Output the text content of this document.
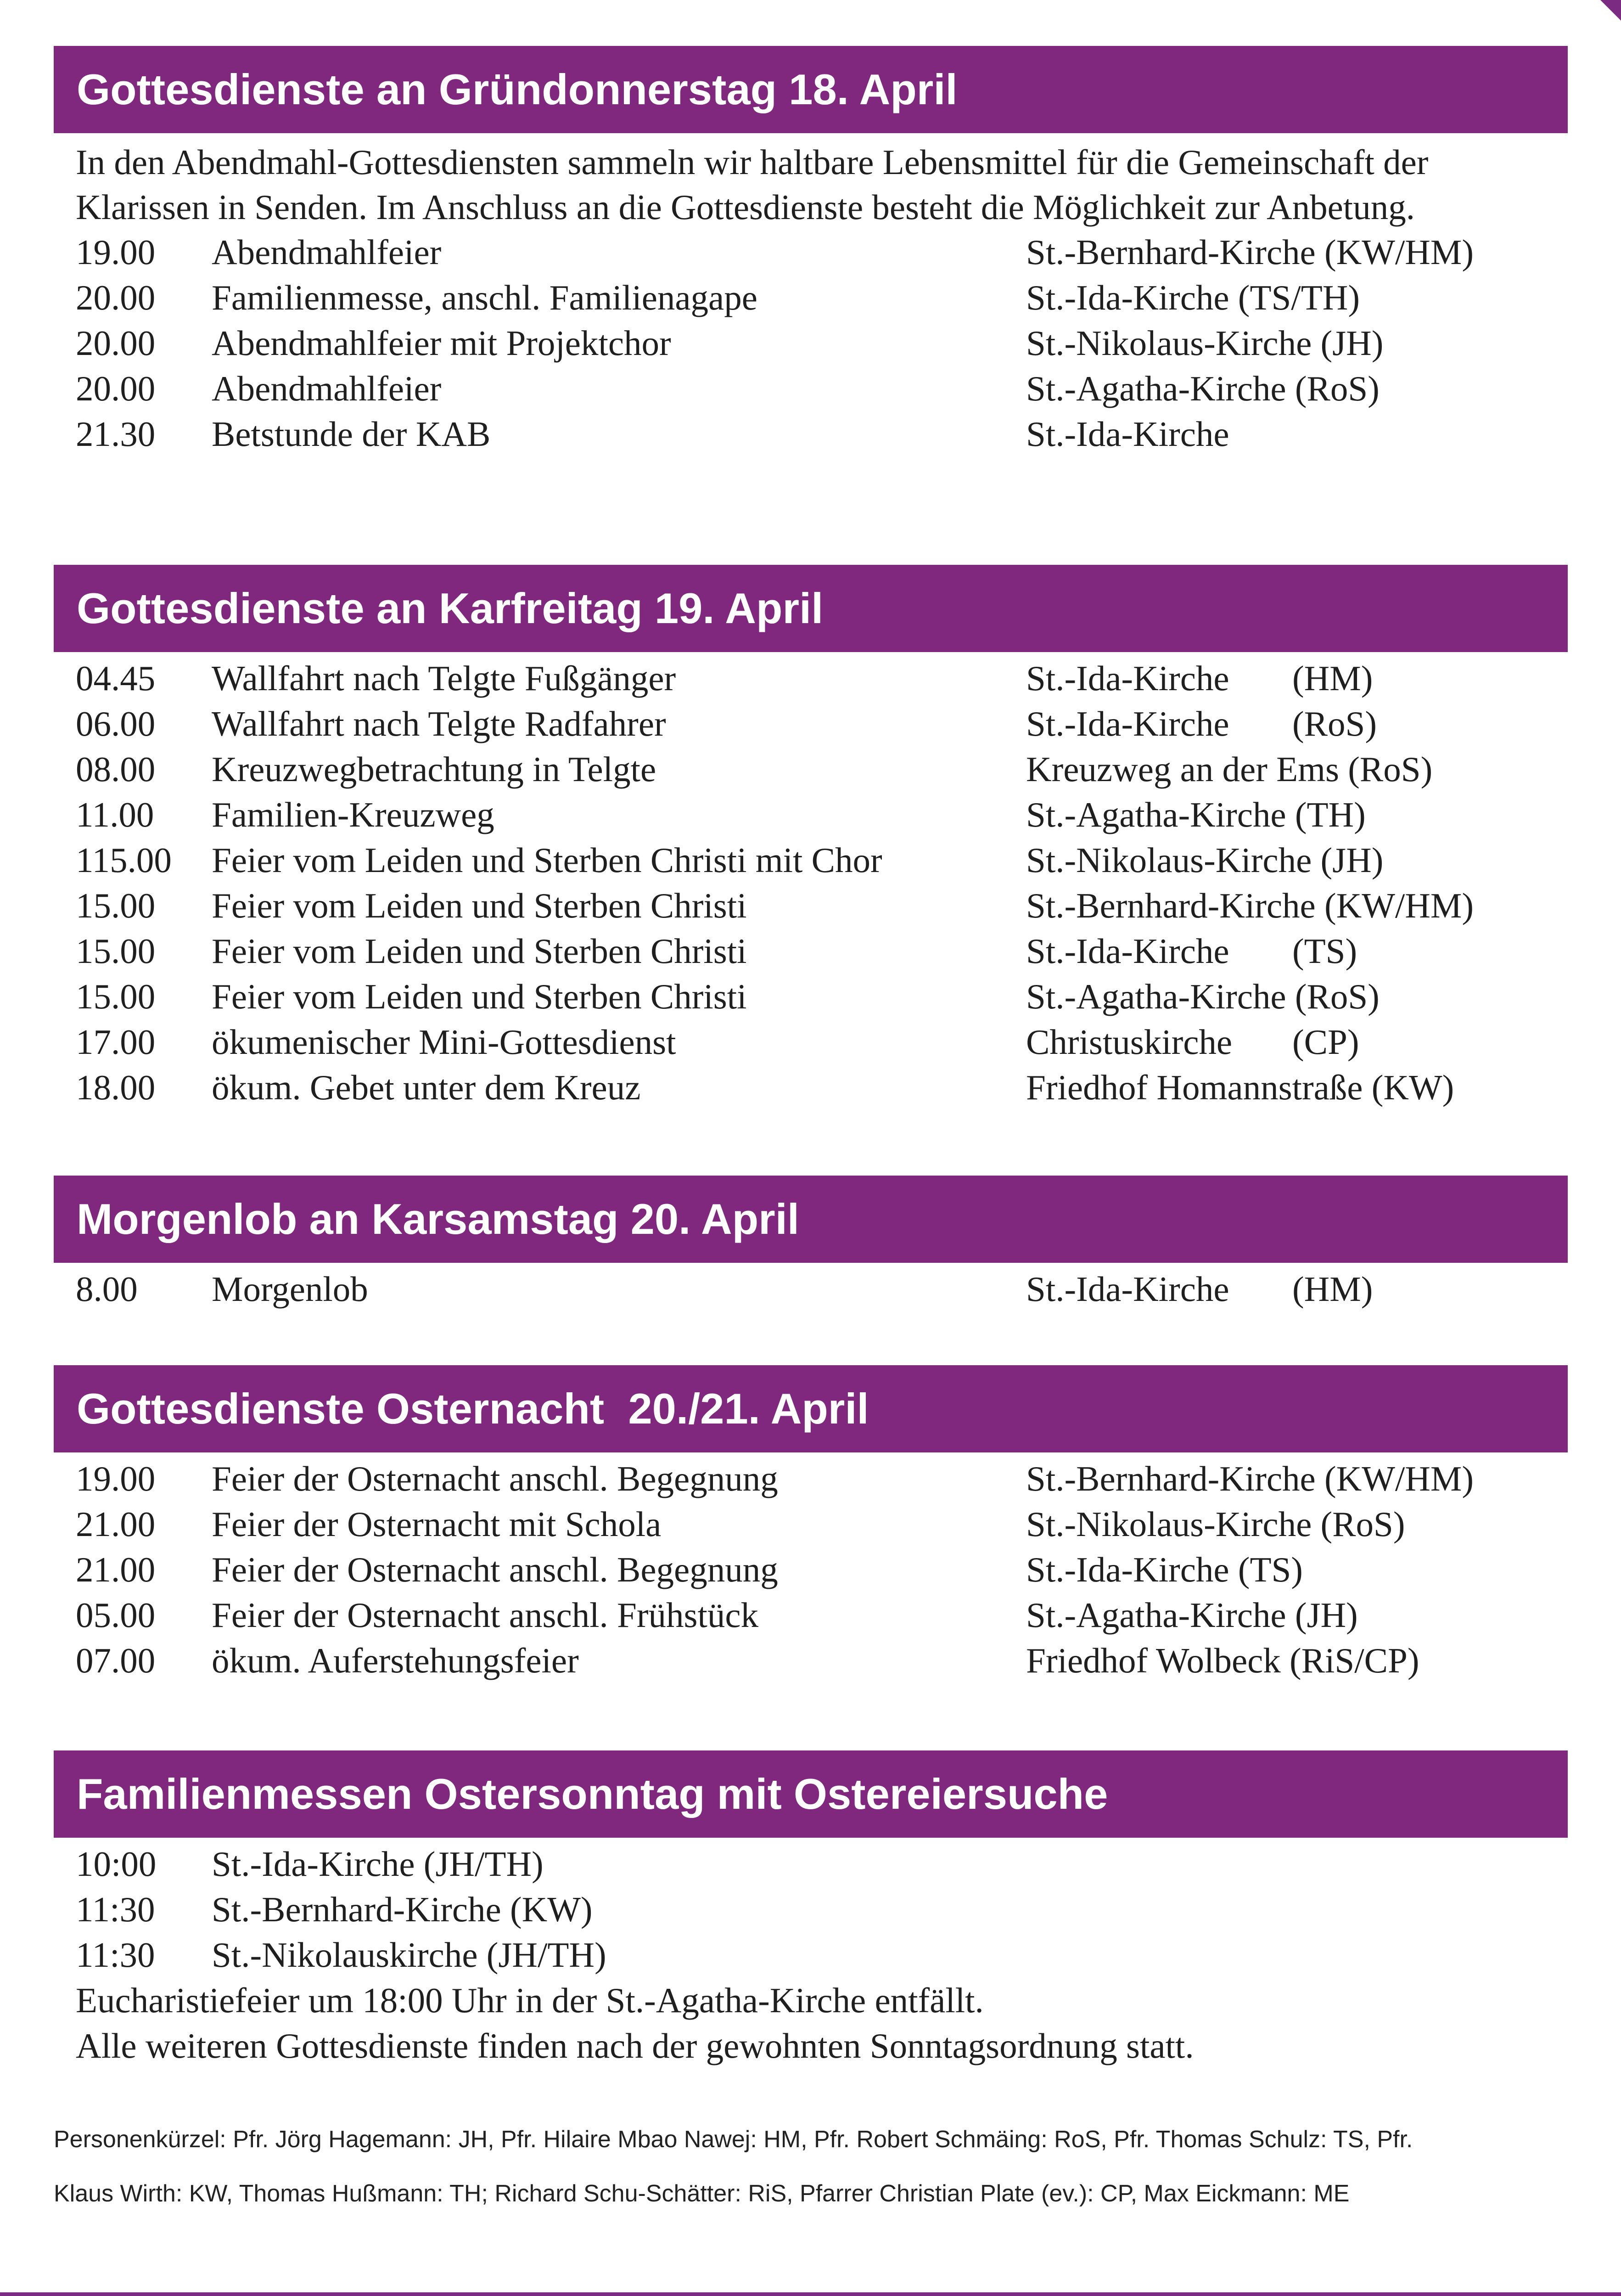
Gottesdienste an Gründonnerstag 18. April
In den Abendmahl-Gottesdiensten sammeln wir haltbare Lebensmittel für die Gemeinschaft der Klarissen in Senden. Im Anschluss an die Gottesdienste besteht die Möglichkeit zur Anbetung.
19.00 Abendmahlfeier	St.-Bernhard-Kirche (KW/HM)
20.00 Familienmesse, anschl. Familienagape	St.-Ida-Kirche (TS/TH)
20.00 Abendmahlfeier mit Projektchor	St.-Nikolaus-Kirche (JH)
20.00 Abendmahlfeier	St.-Agatha-Kirche (RoS)
21.30 Betstunde der KAB	St.-Ida-Kirche
Gottesdienste an Karfreitag 19. April
04.45 Wallfahrt nach Telgte Fußgänger	St.-Ida-Kirche (HM)
06.00 Wallfahrt nach Telgte Radfahrer	St.-Ida-Kirche (RoS)
08.00 Kreuzwegbetrachtung in Telgte	Kreuzweg an der Ems (RoS)
11.00 Familien-Kreuzweg	St.-Agatha-Kirche (TH)
115.00 Feier vom Leiden und Sterben Christi mit Chor	St.-Nikolaus-Kirche (JH)
15.00 Feier vom Leiden und Sterben Christi	St.-Bernhard-Kirche (KW/HM)
15.00 Feier vom Leiden und Sterben Christi	St.-Ida-Kirche (TS)
15.00 Feier vom Leiden und Sterben Christi	St.-Agatha-Kirche (RoS)
17.00 ökumenischer Mini-Gottesdienst	Christuskirche (CP)
18.00 ökum. Gebet unter dem Kreuz	Friedhof Homannstraße (KW)
Morgenlob an Karsamstag 20. April
8.00 Morgenlob	St.-Ida-Kirche (HM)
Gottesdienste Osternacht  20./21. April
19.00 Feier der Osternacht anschl. Begegnung	St.-Bernhard-Kirche (KW/HM)
21.00 Feier der Osternacht mit Schola	St.-Nikolaus-Kirche (RoS)
21.00 Feier der Osternacht anschl. Begegnung	St.-Ida-Kirche (TS)
05.00 Feier der Osternacht anschl. Frühstück	St.-Agatha-Kirche (JH)
07.00 ökum. Auferstehungsfeier	Friedhof Wolbeck (RiS/CP)
Familienmessen Ostersonntag mit Ostereiersuche
10:00 St.-Ida-Kirche (JH/TH)
11:30 St.-Bernhard-Kirche (KW)
11:30 St.-Nikolauskirche (JH/TH)
Eucharistiefeier um 18:00 Uhr in der St.-Agatha-Kirche entfällt.
Alle weiteren Gottesdienste finden nach der gewohnten Sonntagsordnung statt.
Personenkürzel: Pfr. Jörg Hagemann: JH, Pfr. Hilaire Mbao Nawej: HM, Pfr. Robert Schmäing: RoS, Pfr. Thomas Schulz: TS, Pfr.
Klaus Wirth: KW, Thomas Hußmann: TH; Richard Schu-Schätter: RiS, Pfarrer Christian Plate (ev.): CP, Max Eickmann: ME
